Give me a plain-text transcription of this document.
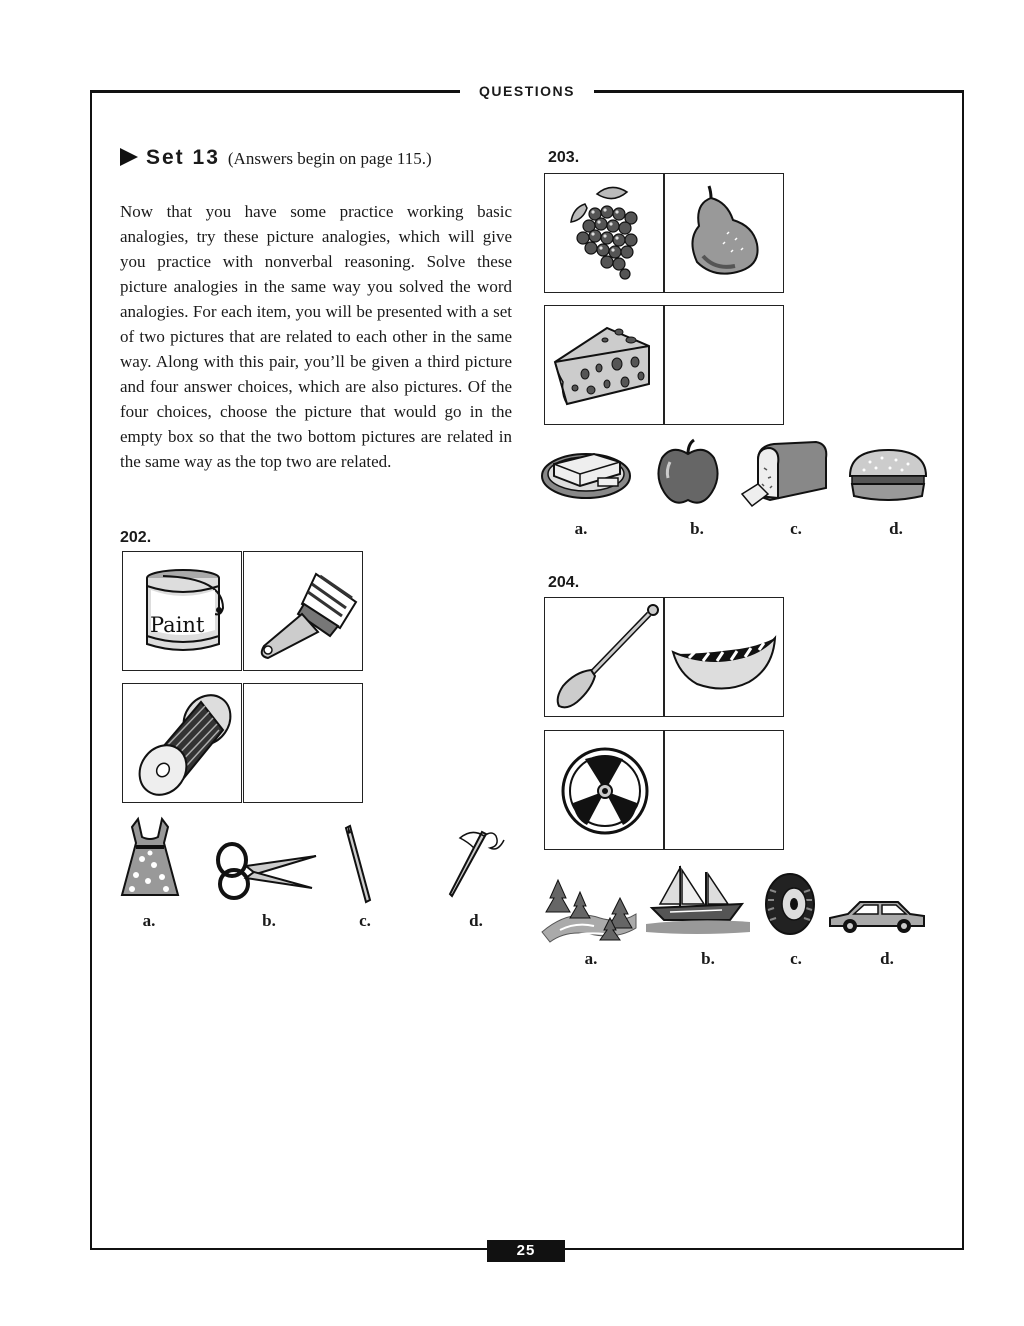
QUESTIONS
25
Set 13 (Answers begin on page 115.)
Now that you have some practice working basic analogies, try these picture analogies, which will give you practice with nonverbal reasoning. Solve these picture analogies in the same way you solved the word analogies. For each item, you will be presented with a set of two pictures that are related to each other in the same way. Along with this pair, you’ll be given a third picture and four answer choices, which are also pictures. Of the four choices, choose the picture that would go in the empty box so that the two bottom pictures are related in the same way as the top two are related.
202.
Paint
a.	b.	c.	d.
203.
a.	b.	c.	d.
204.
a.	b.	c.	d.
